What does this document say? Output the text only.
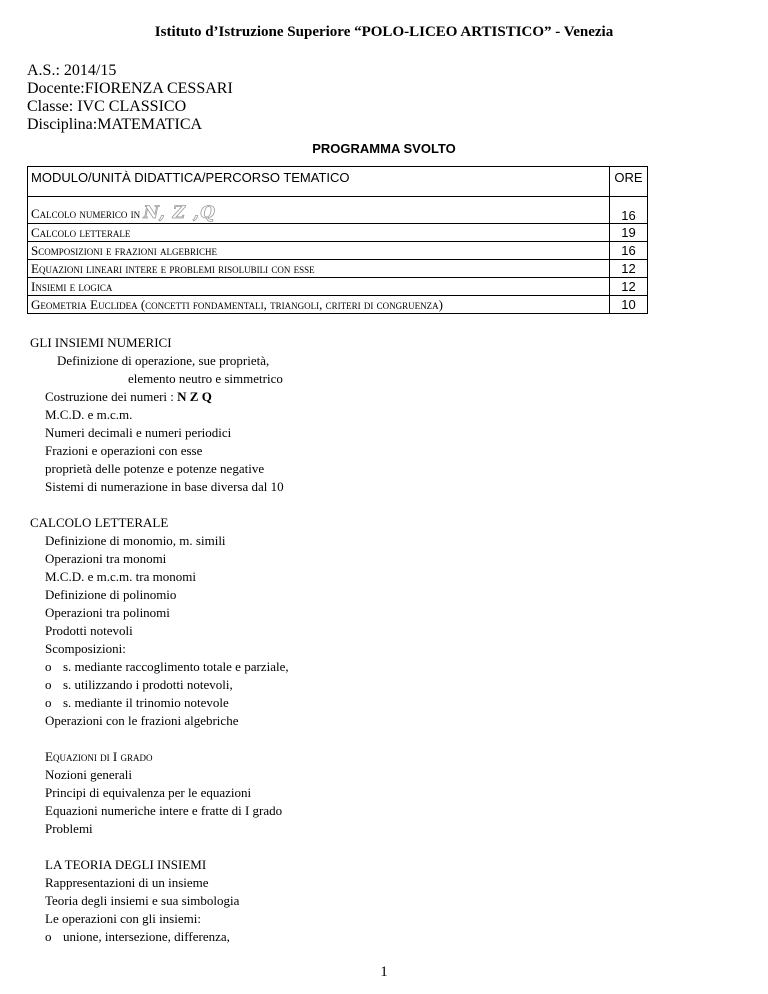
Istituto d’Istruzione Superiore “POLO-LICEO ARTISTICO” - Venezia
A.S.: 2014/15
Docente:FIORENZA CESSARI
Classe: IVC CLASSICO
Disciplina:MATEMATICA
PROGRAMMA SVOLTO
MODULO/UNITÀ DIDATTICA/PERCORSO TEMATICO	ORE
Calcolo numerico in N, Z ,Q	16
Calcolo letterale	19
Scomposizioni e frazioni algebriche	16
Equazioni lineari intere e problemi risolubili con esse	12
Insiemi e logica	12
Geometria Euclidea (concetti fondamentali, triangoli, criteri di congruenza)	10
GLI INSIEMI NUMERICI
Definizione di operazione, sue proprietà,
elemento neutro e simmetrico
Costruzione dei numeri : N Z Q
M.C.D. e m.c.m.
Numeri decimali e numeri periodici
Frazioni e operazioni con esse
proprietà delle potenze e potenze negative
Sistemi di numerazione in base diversa dal 10
CALCOLO LETTERALE
Definizione di monomio, m. simili
Operazioni tra monomi
M.C.D. e m.c.m. tra monomi
Definizione di polinomio
Operazioni tra polinomi
Prodotti notevoli
Scomposizioni:
o s. mediante raccoglimento totale e parziale,
o s. utilizzando i prodotti notevoli,
o s. mediante il trinomio notevole
Operazioni con le frazioni algebriche
Equazioni di I grado
Nozioni generali
Principi di equivalenza per le equazioni
Equazioni numeriche intere e fratte di I grado
Problemi
LA TEORIA DEGLI INSIEMI
Rappresentazioni di un insieme
Teoria degli insiemi e sua simbologia
Le operazioni con gli insiemi:
o unione, intersezione, differenza,
1
